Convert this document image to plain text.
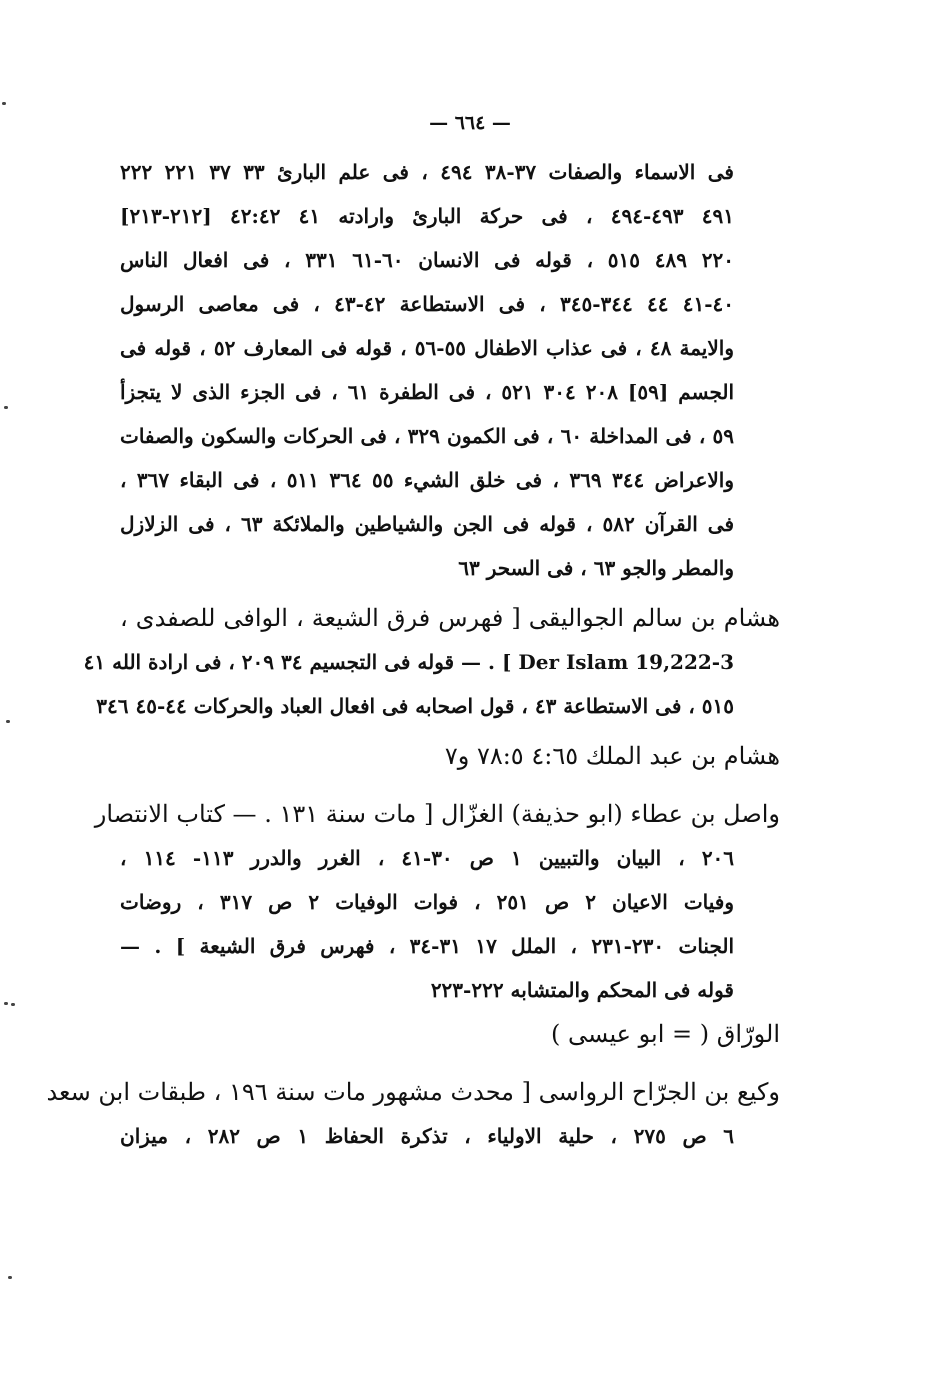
— ٦٦٤ —
فى الاسماء والصفات ٣٧-٣٨ ٤٩٤ ، فى علم البارئ ٣٣ ٣٧ ٢٢١ ٢٢٢
٤٩١ ٤٩٣-٤٩٤ ، فى حركة البارئ وارادته ٤١ ٤٢:٤٢ [٢١٢-٢١٣]
٢٢٠ ٤٨٩ ٥١٥ ، قوله فى الانسان ٦٠-٦١ ٣٣١ ، فى افعال الناس
٤٠-٤١ ٤٤ ٣٤٤-٣٤٥ ، فى الاستطاعة ٤٢-٤٣ ، فى معاصى الرسول
والايمة ٤٨ ، فى عذاب الاطفال ٥٥-٥٦ ، قوله فى المعارف ٥٢ ، قوله فى
الجسم [٥٩] ٢٠٨ ٣٠٤ ٥٢١ ، فى الطفرة ٦١ ، فى الجزء الذى لا يتجزأ
٥٩ ، فى المداخلة ٦٠ ، فى الكمون ٣٢٩ ، فى الحركات والسكون والصفات
والاعراض ٣٤٤ ٣٦٩ ، فى خلق الشيء ٥٥ ٣٦٤ ٥١١ ، فى البقاء ٣٦٧ ،
فى القرآن ٥٨٢ ، قوله فى الجن والشياطين والملائكة ٦٣ ، فى الزلازل
والمطر والجو ٦٣ ، فى السحر ٦٣
هشام بن سالم الجواليقى [ فهرس فرق الشيعة ، الوافى للصفدى ،
Der Islam 19,222-3 ] . — قوله فى التجسيم ٣٤ ٢٠٩ ، فى ارادة الله ٤١
٥١٥ ، فى الاستطاعة ٤٣ ، قول اصحابه فى افعال العباد والحركات ٤٤-٤٥ ٣٤٦
هشام بن عبد الملك ٤:٦٥ ٧٨:٥ و٧
واصل بن عطاء (ابو حذيفة) الغزّال [ مات سنة ١٣١ . — كتاب الانتصار
٢٠٦ ، البيان والتبيين ١ ص ٣٠-٤١ ، الغرر والدرر ١١٣- ١١٤ ،
وفيات الاعيان ٢ ص ٢٥١ ، فوات الوفيات ٢ ص ٣١٧ ، روضات
الجنات ٢٣٠-٢٣١ ، الملل ١٧ ٣١-٣٤ ، فهرس فرق الشيعة ] . —
قوله فى المحكم والمتشابه ٢٢٢-٢٢٣
الورّاق ( = ابو عيسى )
وكيع بن الجرّاح الرواسى [ محدث مشهور مات سنة ١٩٦ ، طبقات ابن سعد
٦ ص ٢٧٥ ، حلية الاولياء ، تذكرة الحفاظ ١ ص ٢٨٢ ، ميزان
